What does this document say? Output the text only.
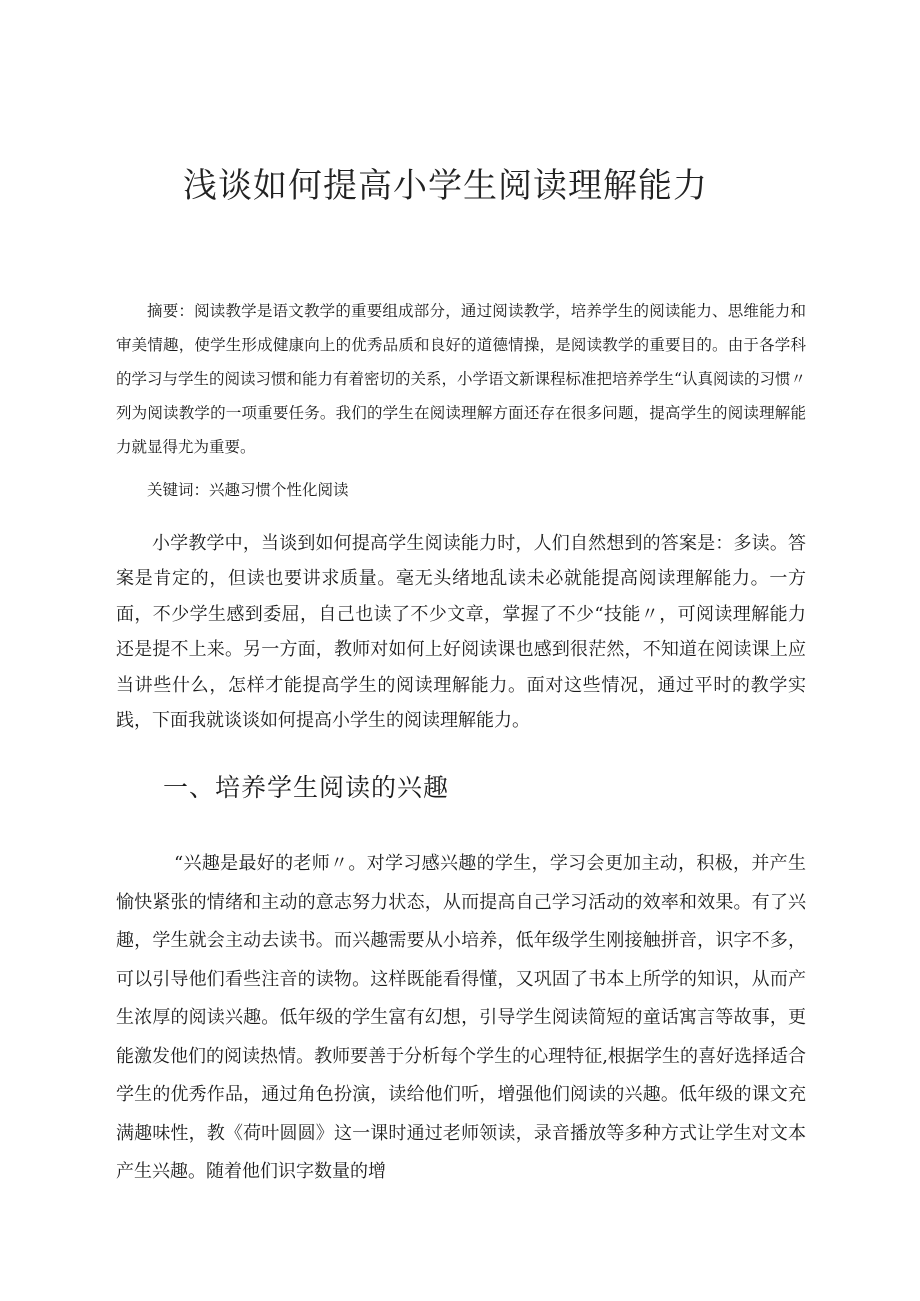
浅谈如何提高小学生阅读理解能力

摘要：阅读教学是语文教学的重要组成部分，通过阅读教学，培养学生的阅读能力、思维能力和审美情趣，使学生形成健康向上的优秀品质和良好的道德情操，是阅读教学的重要目的。由于各学科的学习与学生的阅读习惯和能力有着密切的关系，小学语文新课程标准把培养学生“认真阅读的习惯〃列为阅读教学的一项重要任务。我们的学生在阅读理解方面还存在很多问题，提高学生的阅读理解能力就显得尤为重要。

关键词：兴趣习惯个性化阅读

小学教学中，当谈到如何提高学生阅读能力时，人们自然想到的答案是：多读。答案是肯定的，但读也要讲求质量。毫无头绪地乱读未必就能提高阅读理解能力。一方面，不少学生感到委屈，自己也读了不少文章，掌握了不少“技能〃，可阅读理解能力还是提不上来。另一方面，教师对如何上好阅读课也感到很茫然，不知道在阅读课上应当讲些什么，怎样才能提高学生的阅读理解能力。面对这些情况，通过平时的教学实践，下面我就谈谈如何提高小学生的阅读理解能力。

一、培养学生阅读的兴趣

“兴趣是最好的老师〃。对学习感兴趣的学生，学习会更加主动，积极，并产生愉快紧张的情绪和主动的意志努力状态，从而提高自己学习活动的效率和效果。有了兴趣，学生就会主动去读书。而兴趣需要从小培养，低年级学生刚接触拼音，识字不多，可以引导他们看些注音的读物。这样既能看得懂，又巩固了书本上所学的知识，从而产生浓厚的阅读兴趣。低年级的学生富有幻想，引导学生阅读简短的童话寓言等故事，更能激发他们的阅读热情。教师要善于分析每个学生的心理特征,根据学生的喜好选择适合学生的优秀作品，通过角色扮演，读给他们听，增强他们阅读的兴趣。低年级的课文充满趣味性，教《荷叶圆圆》这一课时通过老师领读，录音播放等多种方式让学生对文本产生兴趣。随着他们识字数量的增
